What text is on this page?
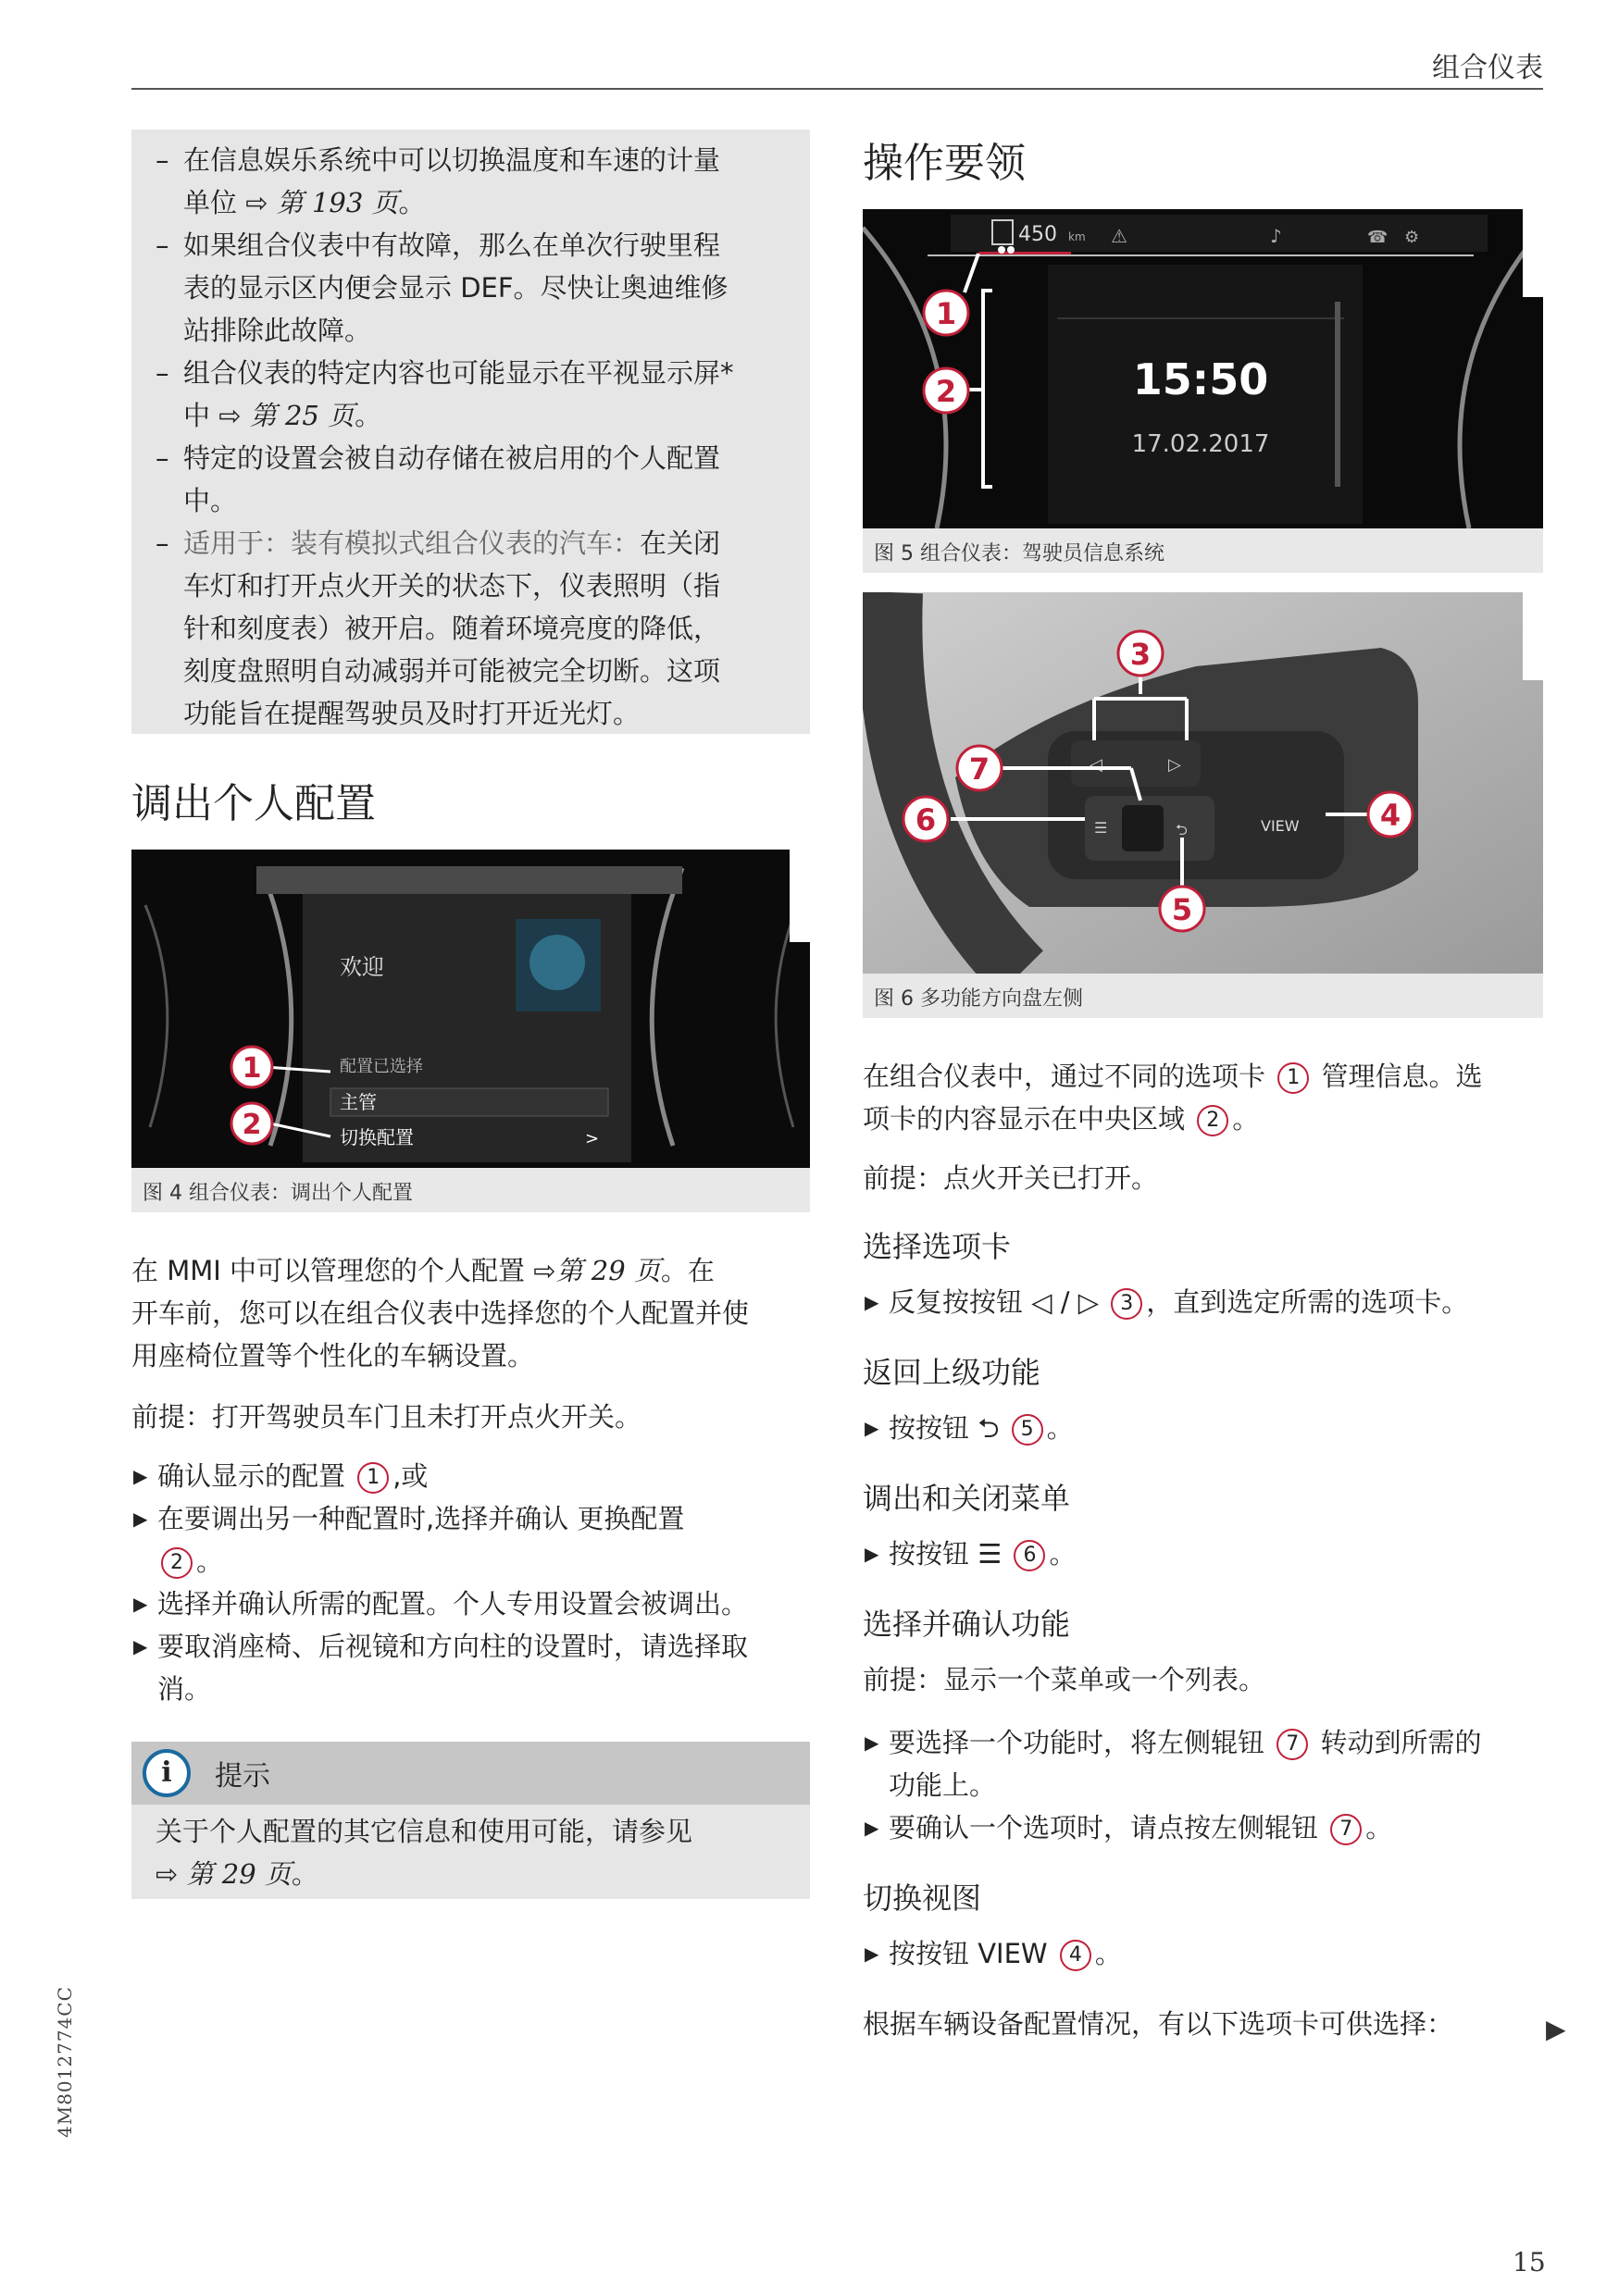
组合仪表
– 在信息娱乐系统中可以切换温度和车速的计量
单位 ⇨ 第 193 页。
– 如果组合仪表中有故障，那么在单次行驶里程
表的显示区内便会显示 DEF。尽快让奥迪维修
站排除此故障。
– 组合仪表的特定内容也可能显示在平视显示屏*
中 ⇨ 第 25 页。
– 特定的设置会被自动存储在被启用的个人配置
中。
– 适用于：装有模拟式组合仪表的汽车：在关闭
车灯和打开点火开关的状态下，仪表照明（指
针和刻度表）被开启。随着环境亮度的降低，
刻度盘照明自动减弱并可能被完全切断。这项
功能旨在提醒驾驶员及时打开近光灯。
调出个人配置
欢迎
配置已选择
主管
切换配置	>
1
2
图 4 组合仪表：调出个人配置
在 MMI 中可以管理您的个人配置 ⇨第 29 页。在
开车前，您可以在组合仪表中选择您的个人配置并使
用座椅位置等个性化的车辆设置。
前提：打开驾驶员车门且未打开点火开关。
▶ 确认显示的配置 1 ,或
▶ 在要调出另一种配置时,选择并确认 更换配置
2 。
▶ 选择并确认所需的配置。个人专用设置会被调出。
▶ 要取消座椅、后视镜和方向柱的设置时，请选择取
消。
i	提示
关于个人配置的其它信息和使用可能，请参见
⇨ 第 29 页。
操作要领
450 km ⚠	♪	☎ ⚙
15:50
17.02.2017
1
2
图 5 组合仪表：驾驶员信息系统
◁	▷
☰	⮌	VIEW
3
4
5
6
7
图 6 多功能方向盘左侧
在组合仪表中，通过不同的选项卡 1 管理信息。选
项卡的内容显示在中央区域 2 。
前提：点火开关已打开。
选择选项卡
▶ 反复按按钮 ◁ / ▷ 3 ，直到选定所需的选项卡。
返回上级功能
▶ 按按钮 ⮌ 5 。
调出和关闭菜单
▶ 按按钮 ☰ 6 。
选择并确认功能
前提：显示一个菜单或一个列表。
▶ 要选择一个功能时，将左侧辊钮 7 转动到所需的
功能上。
▶ 要确认一个选项时，请点按左侧辊钮 7 。
切换视图
▶ 按按钮 VIEW 4 。
根据车辆设备配置情况，有以下选项卡可供选择：	▶
4M8012774CC
15
